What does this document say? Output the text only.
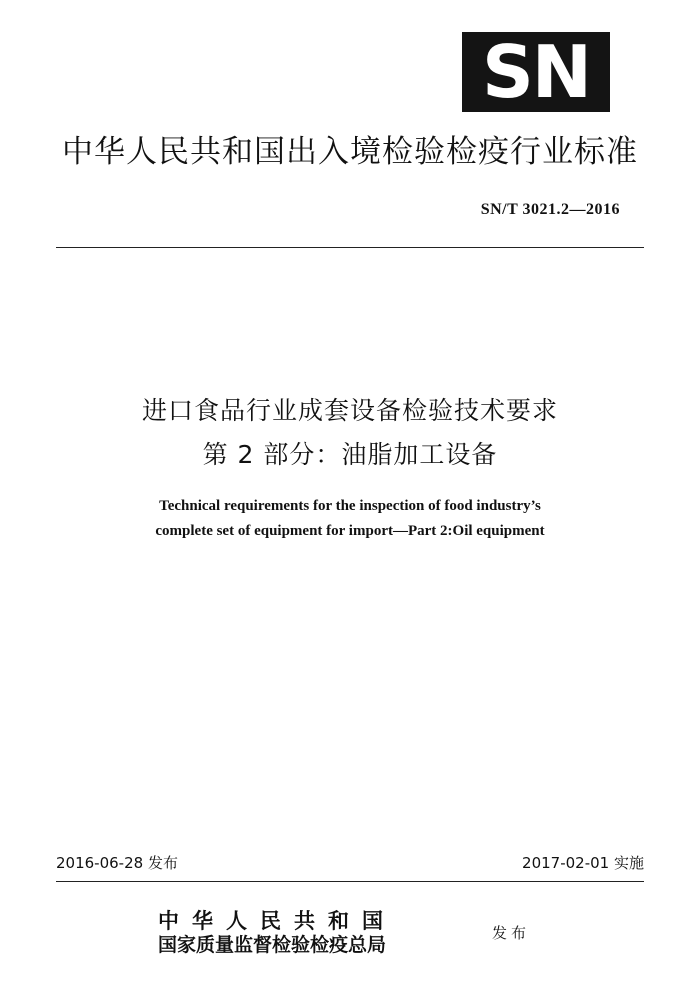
SN
中华人民共和国出入境检验检疫行业标准
SN/T 3021.2—2016
进口食品行业成套设备检验技术要求
第 2 部分：油脂加工设备
Technical requirements for the inspection of food industry’s
complete set of equipment for import—Part 2:Oil equipment
2016-06-28 发布	2017-02-01 实施
中华人民共和国
国家质量监督检验检疫总局
发布
